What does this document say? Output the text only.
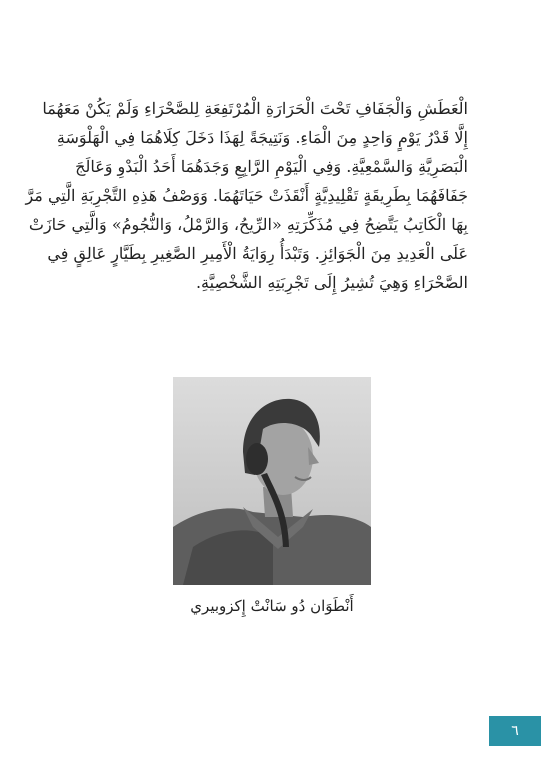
الْعَطَشِ وَالْجَفَافِ تَحْتَ الْحَرَارَةِ الْمُرْتَفِعَةِ لِلصَّحْرَاءِ وَلَمْ يَكُنْ مَعَهُمَا
إِلَّا قَدْرُ يَوْمٍ وَاحِدٍ مِنَ الْمَاءِ. وَنَتِيجَةً لِهَذَا دَخَلَ كِلَاهُمَا فِي الْهَلْوَسَةِ
الْبَصَرِيَّةِ وَالسَّمْعِيَّةِ. وَفِي الْيَوْمِ الرَّابِعِ وَجَدَهُمَا أَحَدُ الْبَدْوِ وَعَالَجَ
جَفَافَهُمَا بِطَرِيقَةٍ تَقْلِيدِيَّةٍ أَنْقَذَتْ حَيَاتَهُمَا. وَوَصْفُ هَذِهِ التَّجْرِبَةِ الَّتِي مَرَّ
بِهَا الْكَاتِبُ يَتَّضِحُ فِي مُذَكِّرَتِهِ «الرِّيحُ، وَالرَّمْلُ، وَالنُّجُومُ» وَالَّتِي حَازَتْ
عَلَى الْعَدِيدِ مِنَ الْجَوَائِزِ. وَتَبْدَأُ رِوَايَةُ الْأَمِيرِ الصَّغِيرِ بِطَيَّارٍ عَالِقٍ فِي
الصَّحْرَاءِ وَهِيَ تُشِيرُ إِلَى تَجْرِبَتِهِ الشَّخْصِيَّةِ.
أَنْطَوَان دُو سَانْتْ إِكزوبيري
٦
